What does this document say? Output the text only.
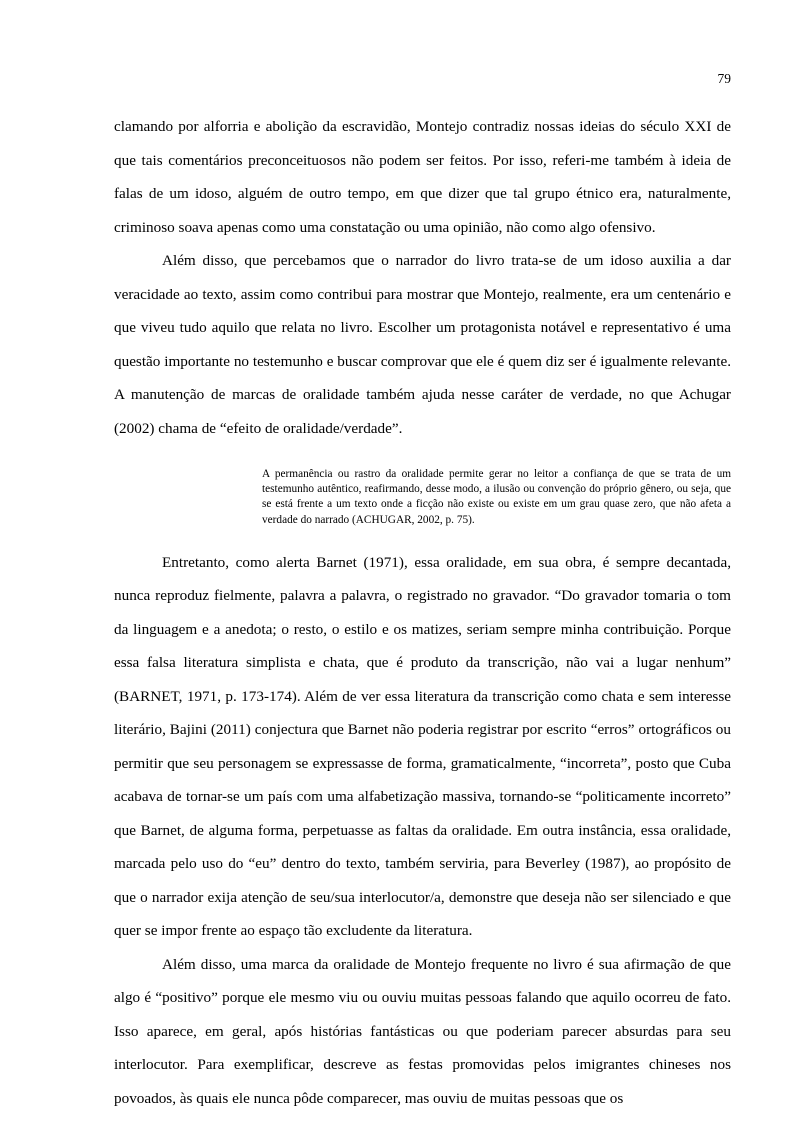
79

clamando por alforria e abolição da escravidão, Montejo contradiz nossas ideias do século XXI de que tais comentários preconceituosos não podem ser feitos. Por isso, referi-me também à ideia de falas de um idoso, alguém de outro tempo, em que dizer que tal grupo étnico era, naturalmente, criminoso soava apenas como uma constatação ou uma opinião, não como algo ofensivo.

Além disso, que percebamos que o narrador do livro trata-se de um idoso auxilia a dar veracidade ao texto, assim como contribui para mostrar que Montejo, realmente, era um centenário e que viveu tudo aquilo que relata no livro. Escolher um protagonista notável e representativo é uma questão importante no testemunho e buscar comprovar que ele é quem diz ser é igualmente relevante. A manutenção de marcas de oralidade também ajuda nesse caráter de verdade, no que Achugar (2002) chama de “efeito de oralidade/verdade”.

A permanência ou rastro da oralidade permite gerar no leitor a confiança de que se trata de um testemunho autêntico, reafirmando, desse modo, a ilusão ou convenção do próprio gênero, ou seja, que se está frente a um texto onde a ficção não existe ou existe em um grau quase zero, que não afeta a verdade do narrado (ACHUGAR, 2002, p. 75).

Entretanto, como alerta Barnet (1971), essa oralidade, em sua obra, é sempre decantada, nunca reproduz fielmente, palavra a palavra, o registrado no gravador. “Do gravador tomaria o tom da linguagem e a anedota; o resto, o estilo e os matizes, seriam sempre minha contribuição. Porque essa falsa literatura simplista e chata, que é produto da transcrição, não vai a lugar nenhum” (BARNET, 1971, p. 173-174). Além de ver essa literatura da transcrição como chata e sem interesse literário, Bajini (2011) conjectura que Barnet não poderia registrar por escrito “erros” ortográficos ou permitir que seu personagem se expressasse de forma, gramaticalmente, “incorreta”, posto que Cuba acabava de tornar-se um país com uma alfabetização massiva, tornando-se “politicamente incorreto” que Barnet, de alguma forma, perpetuasse as faltas da oralidade. Em outra instância, essa oralidade, marcada pelo uso do “eu” dentro do texto, também serviria, para Beverley (1987), ao propósito de que o narrador exija atenção de seu/sua interlocutor/a, demonstre que deseja não ser silenciado e que quer se impor frente ao espaço tão excludente da literatura.

Além disso, uma marca da oralidade de Montejo frequente no livro é sua afirmação de que algo é “positivo” porque ele mesmo viu ou ouviu muitas pessoas falando que aquilo ocorreu de fato. Isso aparece, em geral, após histórias fantásticas ou que poderiam parecer absurdas para seu interlocutor. Para exemplificar, descreve as festas promovidas pelos imigrantes chineses nos povoados, às quais ele nunca pôde comparecer, mas ouviu de muitas pessoas que os
